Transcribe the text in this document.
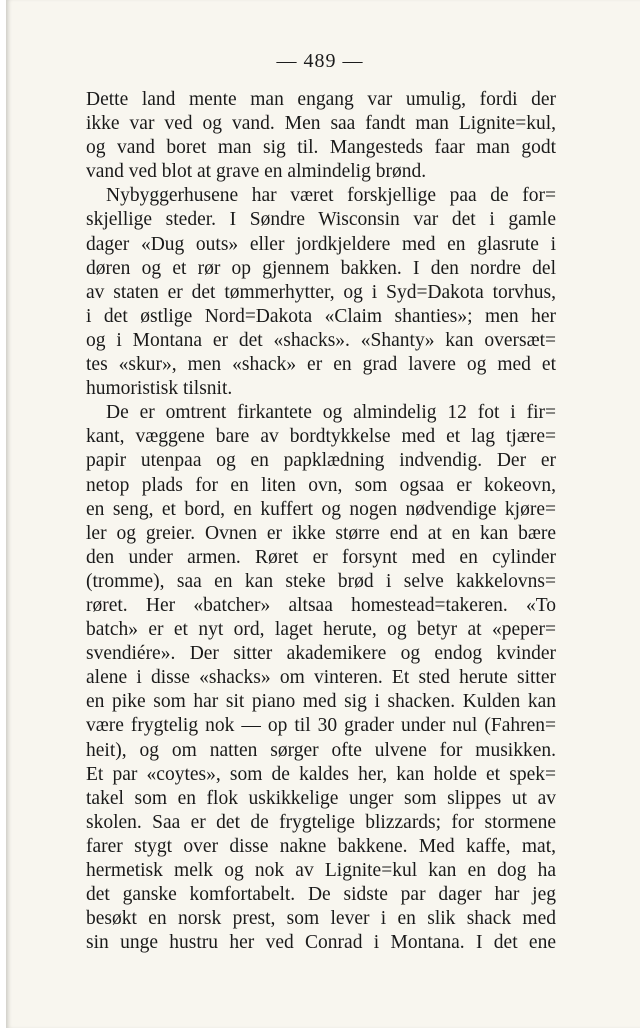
— 489 —
Dette land mente man engang var umulig, fordi der
ikke var ved og vand. Men saa fandt man Lignite=kul,
og vand boret man sig til. Mangesteds faar man godt
vand ved blot at grave en almindelig brønd.
Nybyggerhusene har været forskjellige paa de for=
skjellige steder. I Søndre Wisconsin var det i gamle
dager «Dug outs» eller jordkjeldere med en glasrute i
døren og et rør op gjennem bakken. I den nordre del
av staten er det tømmerhytter, og i Syd=Dakota torvhus,
i det østlige Nord=Dakota «Claim shanties»; men her
og i Montana er det «shacks». «Shanty» kan oversæt=
tes «skur», men «shack» er en grad lavere og med et
humoristisk tilsnit.
De er omtrent firkantete og almindelig 12 fot i fir=
kant, væggene bare av bordtykkelse med et lag tjære=
papir utenpaa og en papklædning indvendig. Der er
netop plads for en liten ovn, som ogsaa er kokeovn,
en seng, et bord, en kuffert og nogen nødvendige kjøre=
ler og greier. Ovnen er ikke større end at en kan bære
den under armen. Røret er forsynt med en cylinder
(tromme), saa en kan steke brød i selve kakkelovns=
røret. Her «batcher» altsaa homestead=takeren. «To
batch» er et nyt ord, laget herute, og betyr at «peper=
svendiére». Der sitter akademikere og endog kvinder
alene i disse «shacks» om vinteren. Et sted herute sitter
en pike som har sit piano med sig i shacken. Kulden kan
være frygtelig nok — op til 30 grader under nul (Fahren=
heit), og om natten sørger ofte ulvene for musikken.
Et par «coytes», som de kaldes her, kan holde et spek=
takel som en flok uskikkelige unger som slippes ut av
skolen. Saa er det de frygtelige blizzards; for stormene
farer stygt over disse nakne bakkene. Med kaffe, mat,
hermetisk melk og nok av Lignite=kul kan en dog ha
det ganske komfortabelt. De sidste par dager har jeg
besøkt en norsk prest, som lever i en slik shack med
sin unge hustru her ved Conrad i Montana. I det ene
